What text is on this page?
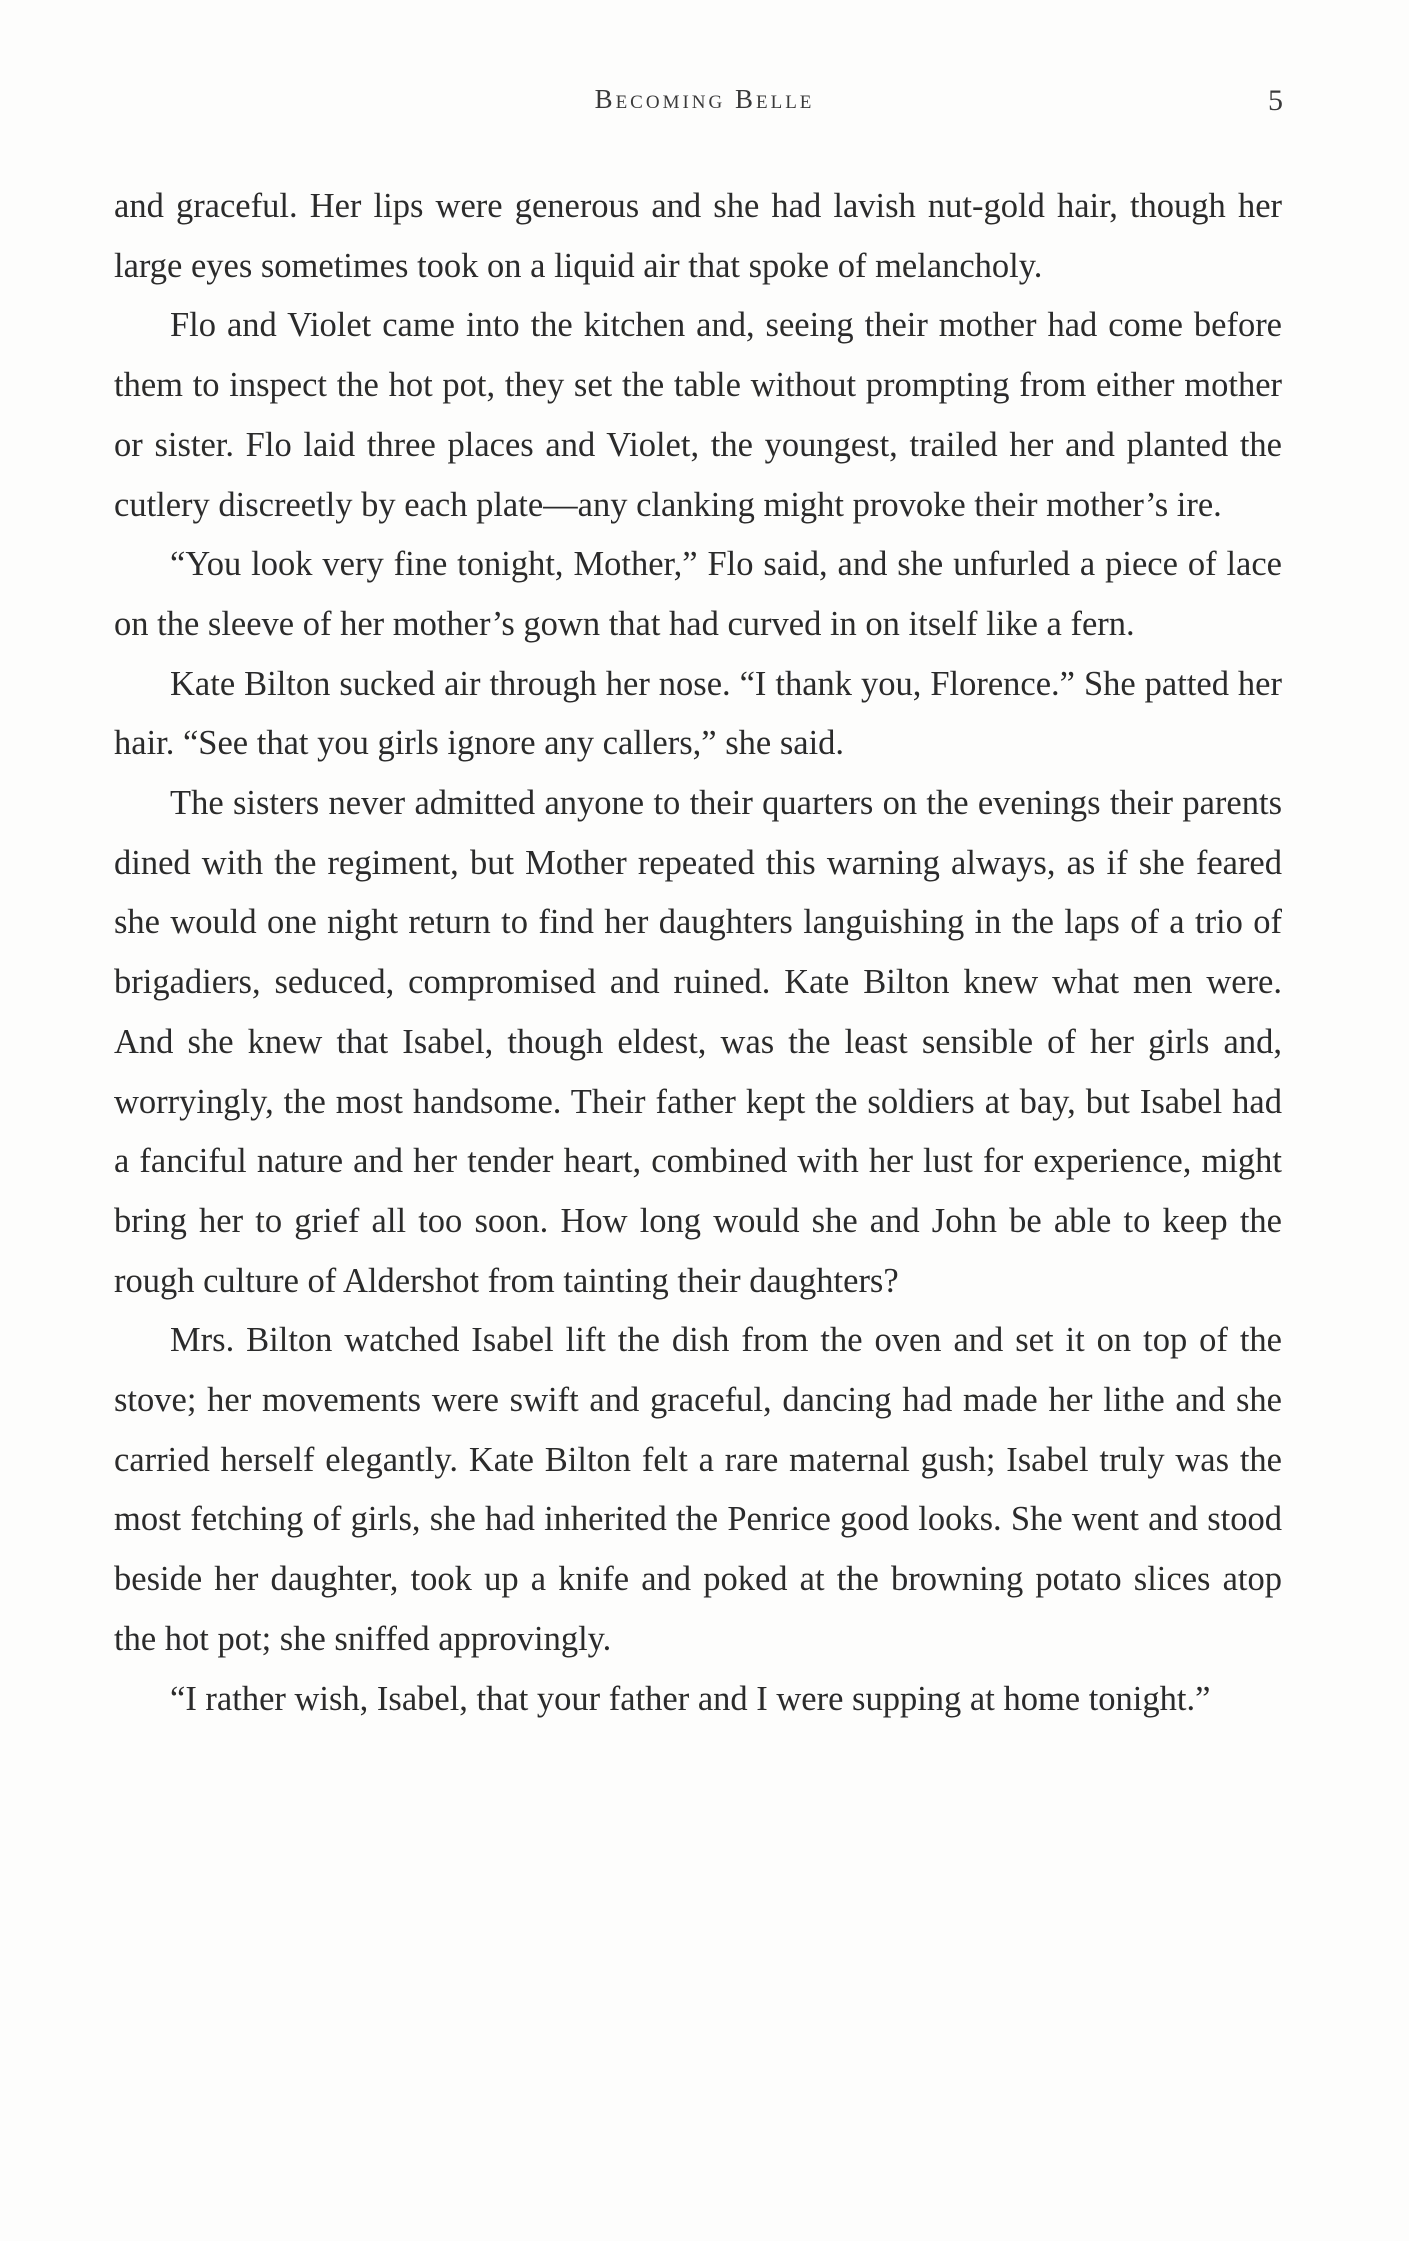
Becoming Belle	5

and graceful. Her lips were generous and she had lavish nut-gold hair, though her large eyes sometimes took on a liquid air that spoke of melancholy.

Flo and Violet came into the kitchen and, seeing their mother had come before them to inspect the hot pot, they set the table without prompting from either mother or sister. Flo laid three places and Violet, the youngest, trailed her and planted the cutlery discreetly by each plate—any clanking might provoke their mother’s ire.

“You look very fine tonight, Mother,” Flo said, and she unfurled a piece of lace on the sleeve of her mother’s gown that had curved in on itself like a fern.

Kate Bilton sucked air through her nose. “I thank you, Florence.” She patted her hair. “See that you girls ignore any callers,” she said.

The sisters never admitted anyone to their quarters on the evenings their parents dined with the regiment, but Mother repeated this warning always, as if she feared she would one night return to find her daughters languishing in the laps of a trio of brigadiers, seduced, compromised and ruined. Kate Bilton knew what men were. And she knew that Isabel, though eldest, was the least sensible of her girls and, worryingly, the most handsome. Their father kept the soldiers at bay, but Isabel had a fanciful nature and her tender heart, combined with her lust for experience, might bring her to grief all too soon. How long would she and John be able to keep the rough culture of Aldershot from tainting their daughters?

Mrs. Bilton watched Isabel lift the dish from the oven and set it on top of the stove; her movements were swift and graceful, dancing had made her lithe and she carried herself elegantly. Kate Bilton felt a rare maternal gush; Isabel truly was the most fetching of girls, she had inherited the Penrice good looks. She went and stood beside her daughter, took up a knife and poked at the browning potato slices atop the hot pot; she sniffed approvingly.

“I rather wish, Isabel, that your father and I were supping at home tonight.”
